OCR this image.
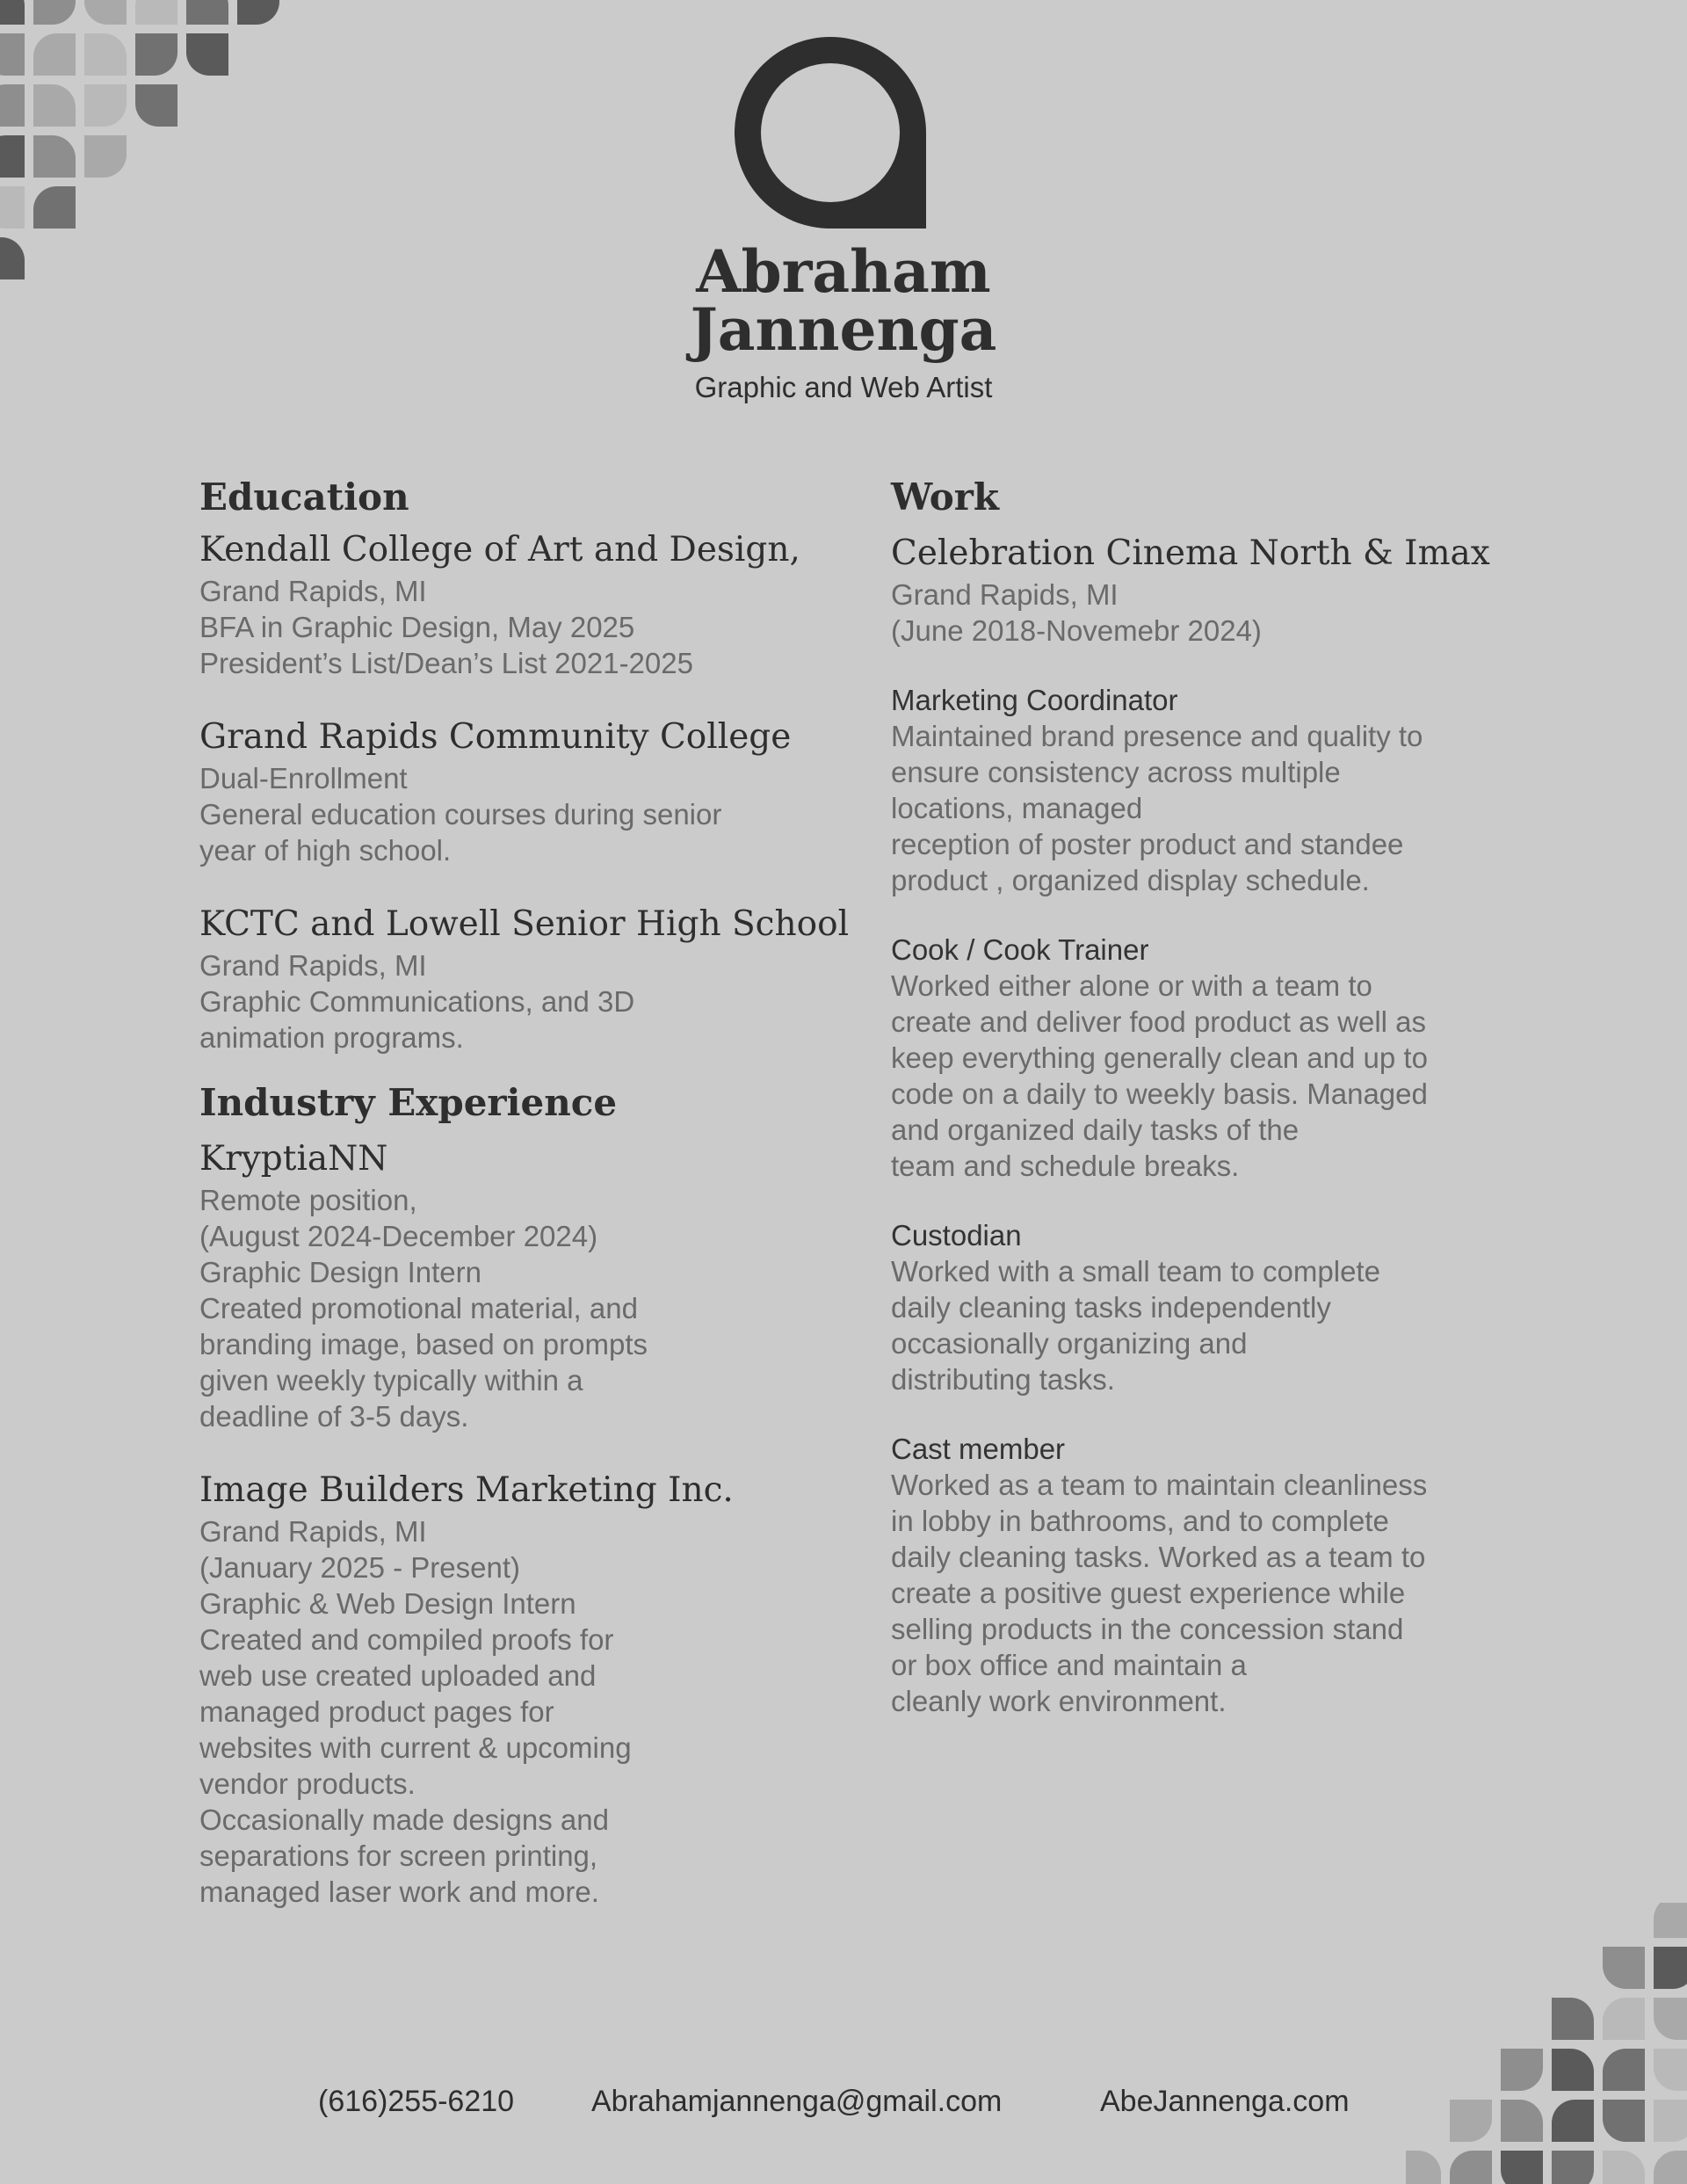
Abraham
Jannenga
Graphic and Web Artist
Education

Kendall College of Art and Design,

Grand Rapids, MI

BFA in Graphic Design, May 2025

President’s List/Dean’s List 2021-2025

Grand Rapids Community College

Dual-Enrollment

General education courses during senior
year of high school.

KCTC and Lowell Senior High School

Grand Rapids, MI

Graphic Communications, and 3D
animation programs.

Industry Experience

KryptiaNN

Remote position,

(August 2024-December 2024)

Graphic Design Intern

Created promotional material, and
branding image, based on prompts
given weekly typically within a
deadline of 3-5 days.

Image Builders Marketing Inc.

Grand Rapids, MI

(January 2025 - Present)

Graphic & Web Design Intern

Created and compiled proofs for
web use created uploaded and
managed product pages for
websites with current & upcoming
vendor products.

Occasionally made designs and
separations for screen printing,
managed laser work and more.

Work

Celebration Cinema North & Imax

Grand Rapids, MI

(June 2018-Novemebr 2024)

Marketing Coordinator

Maintained brand presence and quality to
ensure consistency across multiple
locations, managed
reception of poster product and standee
product , organized display schedule.

Cook / Cook Trainer

Worked either alone or with a team to
create and deliver food product as well as
keep everything generally clean and up to
code on a daily to weekly basis. Managed
and organized daily tasks of the
team and schedule breaks.

Custodian

Worked with a small team to complete
daily cleaning tasks independently
occasionally organizing and
distributing tasks.

Cast member

Worked as a team to maintain cleanliness
in lobby in bathrooms, and to complete
daily cleaning tasks. Worked as a team to
create a positive guest experience while
selling products in the concession stand
or box office and maintain a
cleanly work environment.

(616)255-6210	Abrahamjannenga@gmail.com	AbeJannenga.com
